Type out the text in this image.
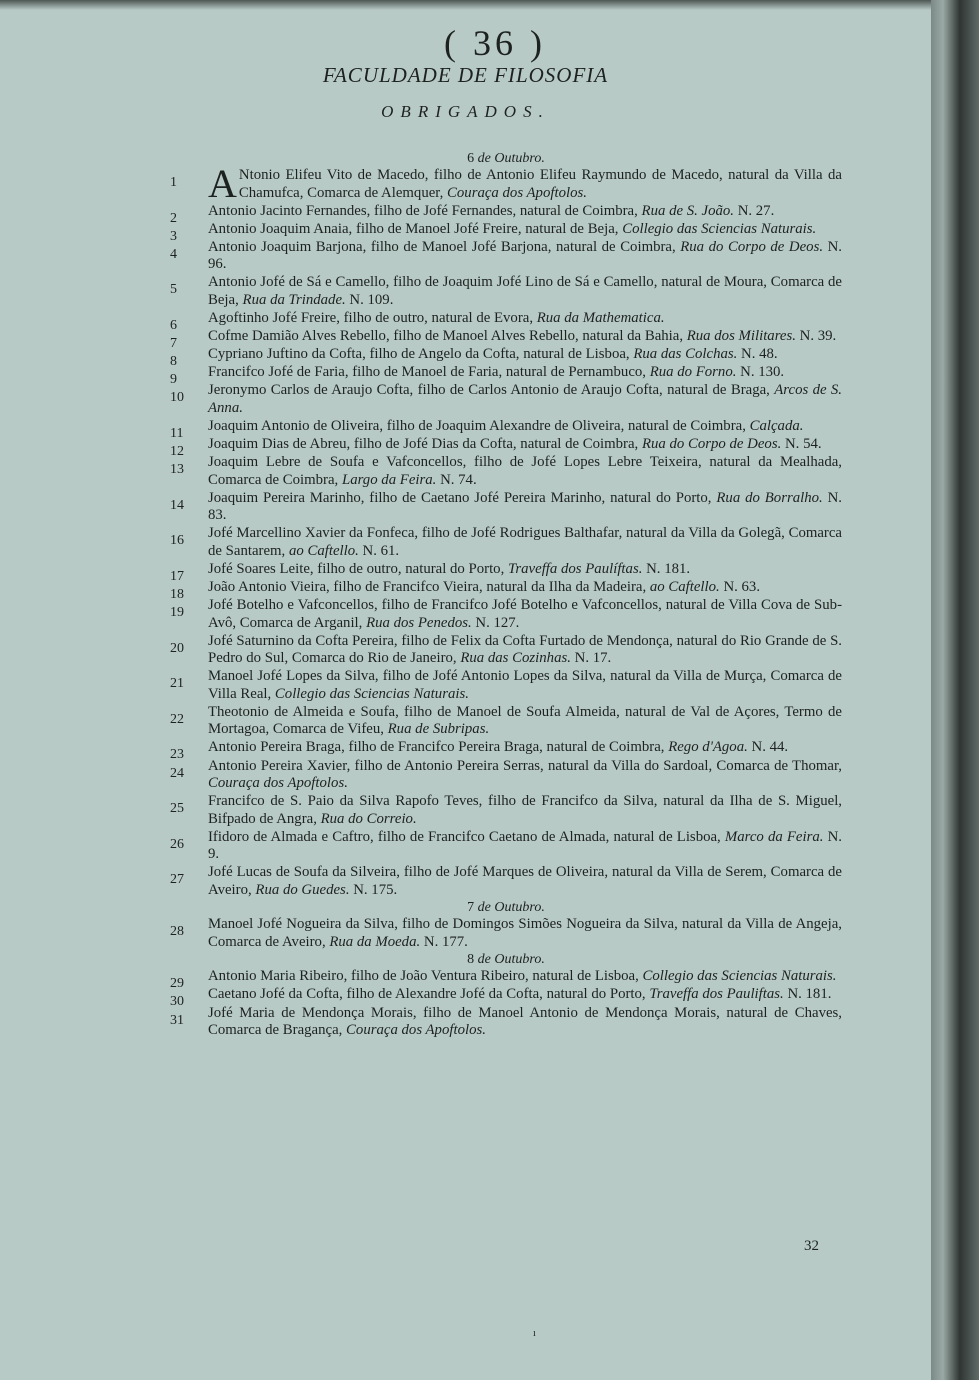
( 36 )
FACULDADE DE FILOSOFIA
OBRIGADOS.
6 de Outubro.
1 A Ntonio Elifeu Vito de Macedo, filho de Antonio Elifeu Raymundo de Macedo, natural da Villa da Chamufca, Comarca de Alemquer, Couraça dos Apoftolos.
2	Antonio Jacinto Fernandes, filho de Jofé Fernandes, natural de Coimbra, Rua de S. João. N. 27.
3	Antonio Joaquim Anaia, filho de Manoel Jofé Freire, natural de Beja, Collegio das Sciencias Naturais.
4	Antonio Joaquim Barjona, filho de Manoel Jofé Barjona, natural de Coimbra, Rua do Corpo de Deos. N. 96.
5	Antonio Jofé de Sá e Camello, filho de Joaquim Jofé Lino de Sá e Camello, natural de Moura, Comarca de Beja, Rua da Trindade. N. 109.
6	Agoftinho Jofé Freire, filho de outro, natural de Evora, Rua da Mathematica.
7	Cofme Damião Alves Rebello, filho de Manoel Alves Rebello, natural da Bahia, Rua dos Militares. N. 39.
8	Cypriano Juftino da Cofta, filho de Angelo da Cofta, natural de Lisboa, Rua das Colchas. N. 48.
9	Francifco Jofé de Faria, filho de Manoel de Faria, natural de Pernambuco, Rua do Forno. N. 130.
10	Jeronymo Carlos de Araujo Cofta, filho de Carlos Antonio de Araujo Cofta, natural de Braga, Arcos de S. Anna.
11	Joaquim Antonio de Oliveira, filho de Joaquim Alexandre de Oliveira, natural de Coimbra, Calçada.
12	Joaquim Dias de Abreu, filho de Jofé Dias da Cofta, natural de Coimbra, Rua do Corpo de Deos. N. 54.
13	Joaquim Lebre de Soufa e Vafconcellos, filho de Jofé Lopes Lebre Teixeira, natural da Mealhada, Comarca de Coimbra, Largo da Feira. N. 74.
14	Joaquim Pereira Marinho, filho de Caetano Jofé Pereira Marinho, natural do Porto, Rua do Borralho. N. 83.
16	Jofé Marcellino Xavier da Fonfeca, filho de Jofé Rodrigues Balthafar, natural da Villa da Golegã, Comarca de Santarem, ao Caftello. N. 61.
17	Jofé Soares Leite, filho de outro, natural do Porto, Traveffa dos Paulíftas. N. 181.
18	João Antonio Vieira, filho de Francifco Vieira, natural da Ilha da Madeira, ao Caftello. N. 63.
19	Jofé Botelho e Vafconcellos, filho de Francifco Jofé Botelho e Vafconcellos, natural de Villa Cova de Sub-Avô, Comarca de Arganil, Rua dos Penedos. N. 127.
20	Jofé Saturnino da Cofta Pereira, filho de Felix da Cofta Furtado de Mendonça, natural do Rio Grande de S. Pedro do Sul, Comarca do Rio de Janeiro, Rua das Cozinhas. N. 17.
21	Manoel Jofé Lopes da Silva, filho de Jofé Antonio Lopes da Silva, natural da Villa de Murça, Comarca de Villa Real, Collegio das Sciencias Naturais.
22	Theotonio de Almeida e Soufa, filho de Manoel de Soufa Almeida, natural de Val de Açores, Termo de Mortagoa, Comarca de Vifeu, Rua de Subripas.
23	Antonio Pereira Braga, filho de Francifco Pereira Braga, natural de Coimbra, Rego d'Agoa. N. 44.
24	Antonio Pereira Xavier, filho de Antonio Pereira Serras, natural da Villa do Sardoal, Comarca de Thomar, Couraça dos Apoftolos.
25	Francifco de S. Paio da Silva Rapofo Teves, filho de Francifco da Silva, natural da Ilha de S. Miguel, Bifpado de Angra, Rua do Correio.
26	Ifidoro de Almada e Caftro, filho de Francifco Caetano de Almada, natural de Lisboa, Marco da Feira. N. 9.
27	Jofé Lucas de Soufa da Silveira, filho de Jofé Marques de Oliveira, natural da Villa de Serem, Comarca de Aveiro, Rua do Guedes. N. 175.
7 de Outubro.
28	Manoel Jofé Nogueira da Silva, filho de Domingos Simões Nogueira da Silva, natural da Villa de Angeja, Comarca de Aveiro, Rua da Moeda. N. 177.
8 de Outubro.
29	Antonio Maria Ribeiro, filho de João Ventura Ribeiro, natural de Lisboa, Collegio das Sciencias Naturais.
30	Caetano Jofé da Cofta, filho de Alexandre Jofé da Cofta, natural do Porto, Traveffa dos Pauliftas. N. 181.
31	Jofé Maria de Mendonça Morais, filho de Manoel Antonio de Mendonça Morais, natural de Chaves, Comarca de Bragança, Couraça dos Apoftolos.
32
ı
